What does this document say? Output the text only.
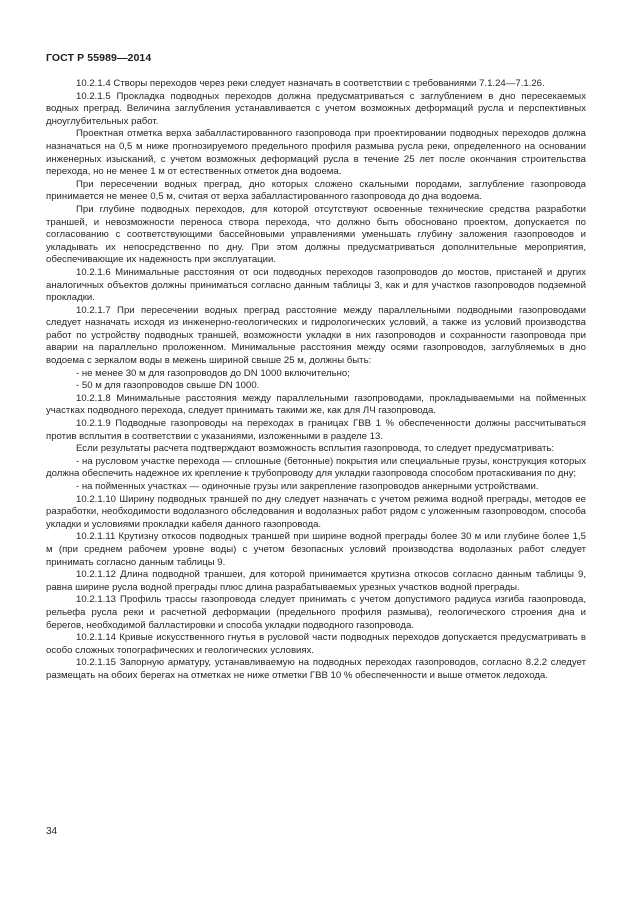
ГОСТ Р 55989—2014

10.2.1.4 Створы переходов через реки следует назначать в соответствии с требованиями 7.1.24—7.1.26.

10.2.1.5 Прокладка подводных переходов должна предусматриваться с заглублением в дно пересекаемых водных преград. Величина заглубления устанавливается с учетом возможных деформаций русла и перспективных дноуглубительных работ.

Проектная отметка верха забалластированного газопровода при проектировании подводных переходов должна назначаться на 0,5 м ниже прогнозируемого предельного профиля размыва русла реки, определенного на основании инженерных изысканий, с учетом возможных деформаций русла в течение 25 лет после окончания строительства перехода, но не менее 1 м от естественных отметок дна водоема.

При пересечении водных преград, дно которых сложено скальными породами, заглубление газопровода принимается не менее 0,5 м, считая от верха забалластированного газопровода до дна водоема.

При глубине подводных переходов, для которой отсутствуют освоенные технические средства разработки траншей, и невозможности переноса створа перехода, что должно быть обосновано проектом, допускается по согласованию с соответствующими бассейновыми управлениями уменьшать глубину заложения газопроводов и укладывать их непосредственно по дну. При этом должны предусматриваться дополнительные мероприятия, обеспечивающие их надежность при эксплуатации.

10.2.1.6 Минимальные расстояния от оси подводных переходов газопроводов до мостов, пристаней и других аналогичных объектов должны приниматься согласно данным таблицы 3, как и для участков газопроводов подземной прокладки.

10.2.1.7 При пересечении водных преград расстояние между параллельными подводными газопроводами следует назначать исходя из инженерно-геологических и гидрологических условий, а также из условий производства работ по устройству подводных траншей, возможности укладки в них газопроводов и сохранности газопровода при аварии на параллельно проложенном. Минимальные расстояния между осями газопроводов, заглубляемых в дно водоема с зеркалом воды в межень шириной свыше 25 м, должны быть:

- не менее 30 м для газопроводов до DN 1000 включительно;

- 50 м для газопроводов свыше DN 1000.

10.2.1.8 Минимальные расстояния между параллельными газопроводами, прокладываемыми на пойменных участках подводного перехода, следует принимать такими же, как для ЛЧ газопровода.

10.2.1.9 Подводные газопроводы на переходах в границах ГВВ 1 % обеспеченности должны рассчитываться против всплытия в соответствии с указаниями, изложенными в разделе 13.

Если результаты расчета подтверждают возможность всплытия газопровода, то следует предусматривать:

- на русловом участке перехода — сплошные (бетонные) покрытия или специальные грузы, конструкция которых должна обеспечить надежное их крепление к трубопроводу для укладки газопровода способом протаскивания по дну;

- на пойменных участках — одиночные грузы или закрепление газопроводов анкерными устройствами.

10.2.1.10 Ширину подводных траншей по дну следует назначать с учетом режима водной преграды, методов ее разработки, необходимости водолазного обследования и водолазных работ рядом с уложенным газопроводом, способа укладки и условиями прокладки кабеля данного газопровода.

10.2.1.11 Крутизну откосов подводных траншей при ширине водной преграды более 30 м или глубине более 1,5 м (при среднем рабочем уровне воды) с учетом безопасных условий производства водолазных работ следует принимать согласно данным таблицы 9.

10.2.1.12 Длина подводной траншеи, для которой принимается крутизна откосов согласно данным таблицы 9, равна ширине русла водной преграды плюс длина разрабатываемых урезных участков водной преграды.

10.2.1.13 Профиль трассы газопровода следует принимать с учетом допустимого радиуса изгиба газопровода, рельефа русла реки и расчетной деформации (предельного профиля размыва), геологического строения дна и берегов, необходимой балластировки и способа укладки подводного газопровода.

10.2.1.14 Кривые искусственного гнутья в русловой части подводных переходов допускается предусматривать в особо сложных топографических и геологических условиях.

10.2.1.15 Запорную арматуру, устанавливаемую на подводных переходах газопроводов, согласно 8.2.2 следует размещать на обоих берегах на отметках не ниже отметки ГВВ 10 % обеспеченности и выше отметок ледохода.

34
